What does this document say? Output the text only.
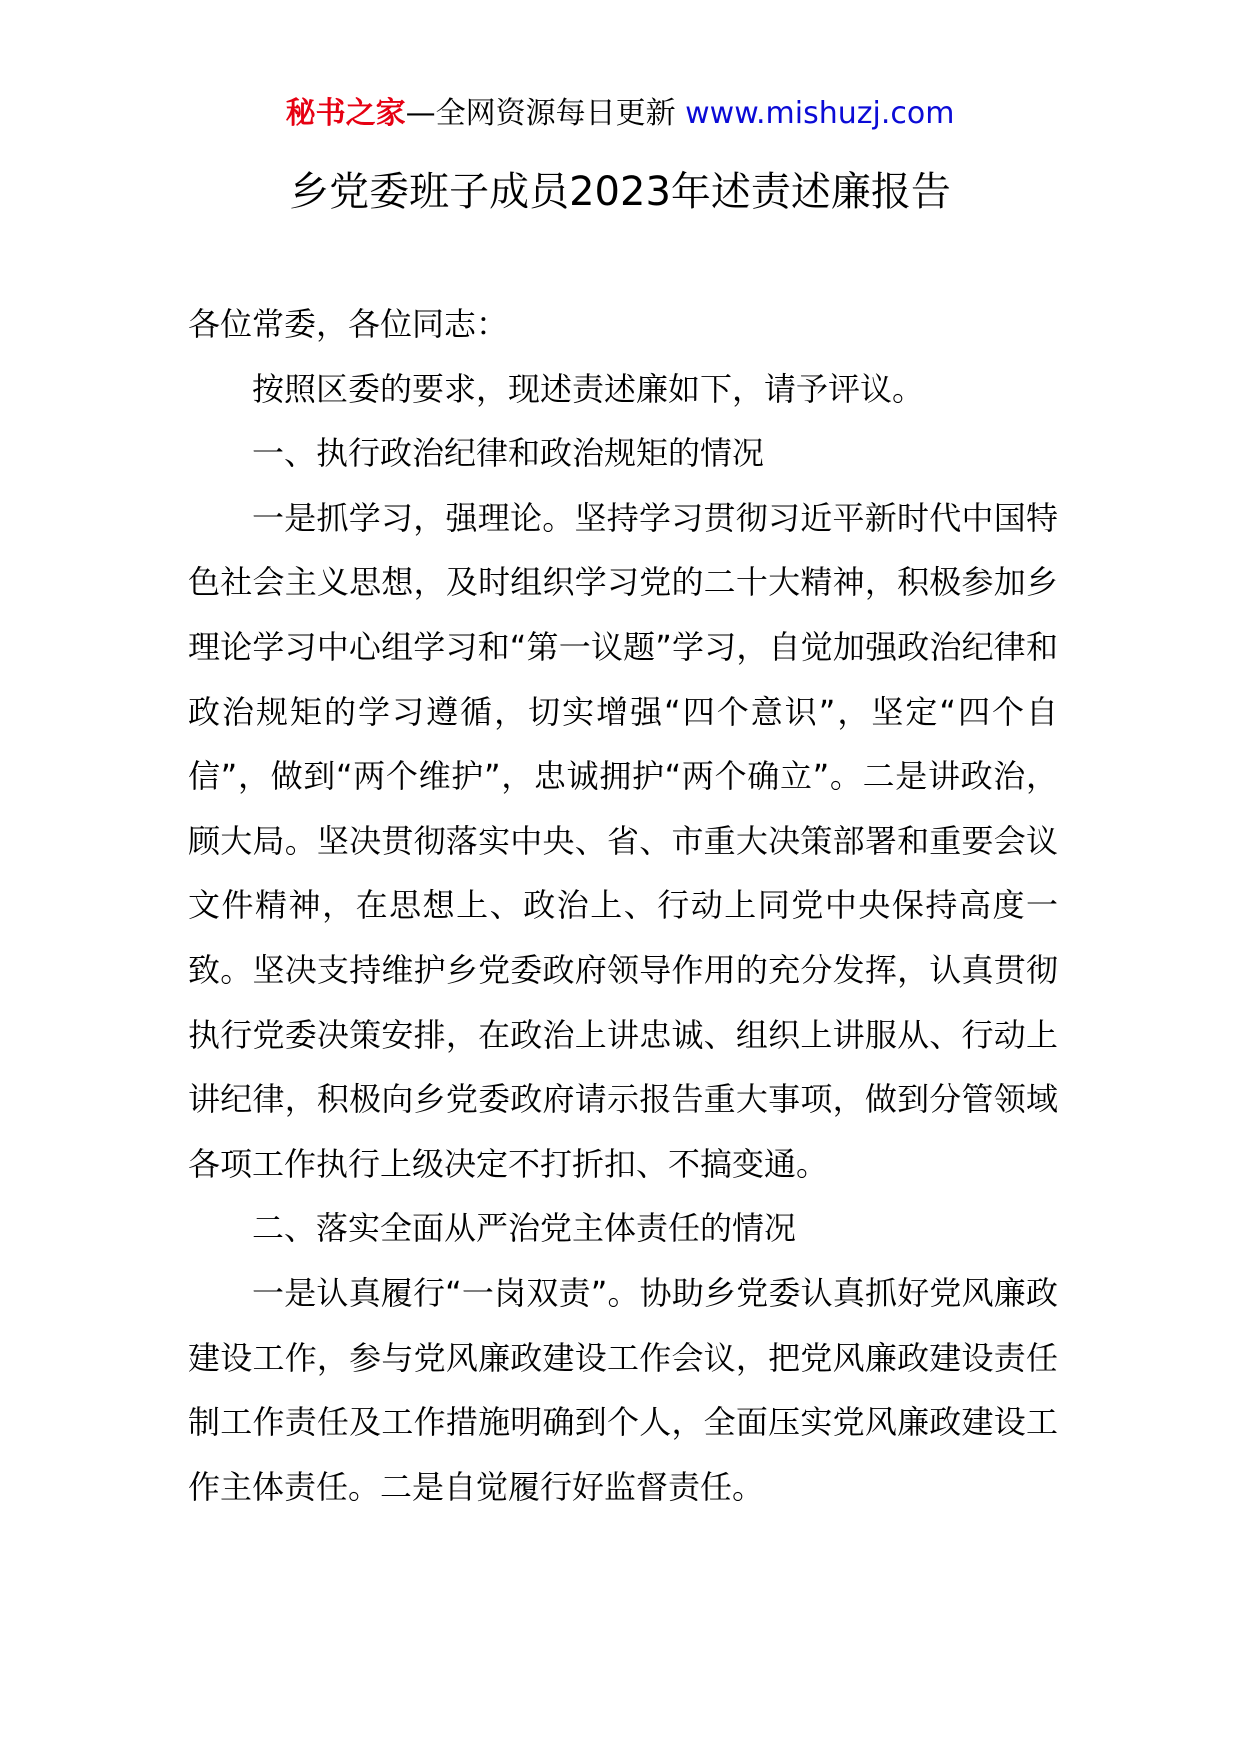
秘书之家—全网资源每日更新 www.mishuzj.com
乡党委班子成员2023年述责述廉报告

各位常委，各位同志：

按照区委的要求，现述责述廉如下，请予评议。

一、执行政治纪律和政治规矩的情况

一是抓学习，强理论。坚持学习贯彻习近平新时代中国特色社会主义思想，及时组织学习党的二十大精神，积极参加乡理论学习中心组学习和“第一议题”学习，自觉加强政治纪律和政治规矩的学习遵循，切实增强“四个意识”，坚定“四个自信”，做到“两个维护”，忠诚拥护“两个确立”。二是讲政治，顾大局。坚决贯彻落实中央、省、市重大决策部署和重要会议文件精神，在思想上、政治上、行动上同党中央保持高度一致。坚决支持维护乡党委政府领导作用的充分发挥，认真贯彻执行党委决策安排，在政治上讲忠诚、组织上讲服从、行动上讲纪律，积极向乡党委政府请示报告重大事项，做到分管领域各项工作执行上级决定不打折扣、不搞变通。

二、落实全面从严治党主体责任的情况

一是认真履行“一岗双责”。协助乡党委认真抓好党风廉政建设工作，参与党风廉政建设工作会议，把党风廉政建设责任制工作责任及工作措施明确到个人，全面压实党风廉政建设工作主体责任。二是自觉履行好监督责任。
